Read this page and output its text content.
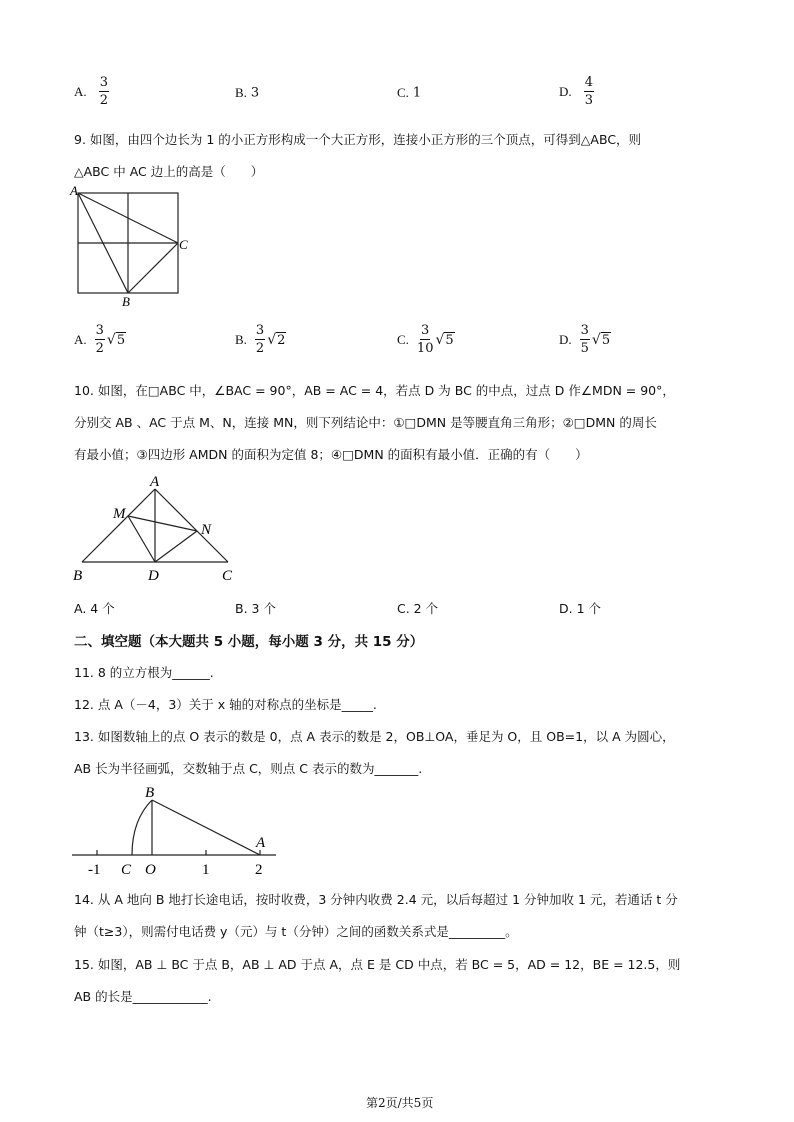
A. $\frac{3}{2}$	B. 3	C. 1	D. $\frac{4}{3}$
9. 如图，由四个边长为 1 的小正方形构成一个大正方形，连接小正方形的三个顶点，可得到△ABC，则
△ABC 中 AC 边上的高是（　　）
A
C
B
A. $\frac{3}{2} √5$	B. $\frac{3}{2} √2$	C. $\frac{3}{10} √5$	D. $\frac{3}{5} √5$
10. 如图，在□ABC 中，∠BAC = 90°，AB = AC = 4，若点 D 为 BC 的中点，过点 D 作∠MDN = 90°，
分别交 AB 、AC 于点 M、N，连接 MN，则下列结论中：①□DMN 是等腰直角三角形；②□DMN 的周长
有最小值；③四边形 AMDN 的面积为定值 8；④□DMN 的面积有最小值．正确的有（　　）
A
M
N
B	D	C
A. 4 个	B. 3 个	C. 2 个	D. 1 个
二、填空题（本大题共 5 小题，每小题 3 分，共 15 分）
11. 8 的立方根为______.
12. 点 A（－4，3）关于 x 轴的对称点的坐标是_____.
13. 如图数轴上的点 O 表示的数是 0，点 A 表示的数是 2，OB⊥OA，垂足为 O，且 OB=1，以 A 为圆心，
AB 长为半径画弧，交数轴于点 C，则点 C 表示的数为_______.
B
A
-1 C O	1	2
14. 从 A 地向 B 地打长途电话，按时收费，3 分钟内收费 2.4 元，以后每超过 1 分钟加收 1 元，若通话 t 分
钟（t≥3），则需付电话费 y（元）与 t（分钟）之间的函数关系式是_________。
15. 如图，AB ⊥ BC 于点 B，AB ⊥ AD 于点 A，点 E 是 CD 中点，若 BC = 5，AD = 12，BE = 12.5，则
AB 的长是____________.
第2页/共5页
